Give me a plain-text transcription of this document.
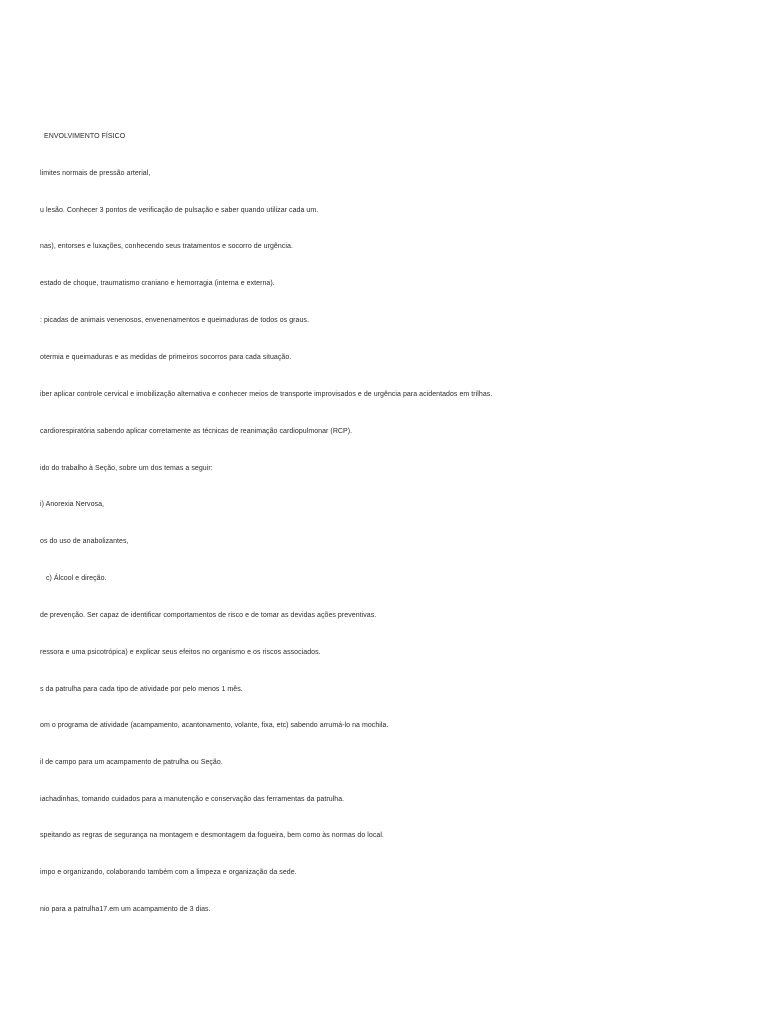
ENVOLVIMENTO FÍSICO
limites normais de pressão arterial,
u lesão. Conhecer 3 pontos de verificação de pulsação e saber quando utilizar cada um.
nas), entorses e luxações, conhecendo seus tratamentos e socorro de urgência.
estado de choque, traumatismo craniano e hemorragia (interna e externa).
: picadas de animais venenosos, envenenamentos e queimaduras de todos os graus.
otermia e queimaduras e as medidas de primeiros socorros para cada situação.
iber aplicar controle cervical e imobilização alternativa e conhecer meios de transporte improvisados e de urgência para acidentados em trilhas.
cardiorespiratória sabendo aplicar corretamente as técnicas de reanimação cardiopulmonar (RCP).
ido do trabalho à Seção, sobre um dos temas a seguir:
i) Anorexia Nervosa,
os do uso de anabolizantes,
c) Álcool e direção.
de prevenção. Ser capaz de identificar comportamentos de risco e de tomar as devidas ações preventivas.
ressora e uma psicotrópica) e explicar seus efeitos no organismo e os riscos associados.
s da patrulha para cada tipo de atividade por pelo menos 1 mês.
om o programa de atividade (acampamento, acantonamento, volante, fixa, etc) sabendo arrumá-lo na mochila.
il de campo para um acampamento de patrulha ou Seção.
iachadinhas, tomando cuidados para a manutenção e conservação das ferramentas da patrulha.
speitando as regras de segurança na montagem e desmontagem da fogueira, bem como às normas do local.
impo e organizando, colaborando também com a limpeza e organização da sede.
nio para a patrulha17.em um acampamento de 3 dias.
